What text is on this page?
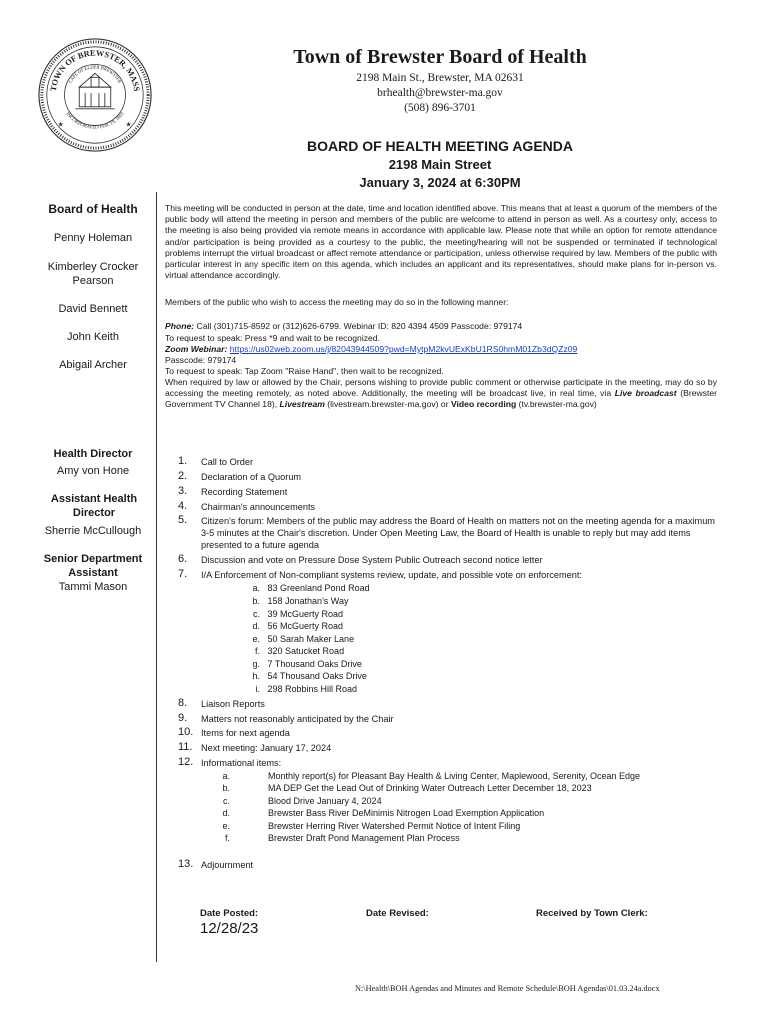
TOWN OF BREWSTER, MASS
CAPE OF ELDER BREWSTER
INCORPORATED FEB. 19, 1803
★	★
Town of Brewster Board of Health
2198 Main St., Brewster, MA 02631
brhealth@brewster-ma.gov
(508) 896-3701
BOARD OF HEALTH MEETING AGENDA
2198 Main Street
January 3, 2024 at 6:30PM
Board of Health
Penny Holeman
Kimberley Crocker Pearson
David Bennett
John Keith
Abigail Archer
Health Director
Amy von Hone
Assistant Health Director
Sherrie McCullough
Senior Department Assistant
Tammi Mason
This meeting will be conducted in person at the date, time and location identified above. This means that at least a quorum of the members of the public body will attend the meeting in person and members of the public are welcome to attend in person as well. As a courtesy only, access to the meeting is also being provided via remote means in accordance with applicable law. Please note that while an option for remote attendance and/or participation is being provided as a courtesy to the public, the meeting/hearing will not be suspended or terminated if technological problems interrupt the virtual broadcast or affect remote attendance or participation, unless otherwise required by law. Members of the public with particular interest in any specific item on this agenda, which includes an applicant and its representatives, should make plans for in-person vs. virtual attendance accordingly.
Members of the public who wish to access the meeting may do so in the following manner:
Phone: Call (301)715-8592 or (312)626-6799. Webinar ID: 820 4394 4509 Passcode: 979174
To request to speak: Press *9 and wait to be recognized.
Zoom Webinar: https://us02web.zoom.us/j/82043944509?pwd=MytpM2kvUExKbU1RS0hmM01Zb3dQZz09
Passcode: 979174
To request to speak: Tap Zoom "Raise Hand", then wait to be recognized.
When required by law or allowed by the Chair, persons wishing to provide public comment or otherwise participate in the meeting, may do so by accessing the meeting remotely, as noted above. Additionally, the meeting will be broadcast live, in real time, via Live broadcast (Brewster Government TV Channel 18), Livestream (livestream.brewster-ma.gov) or Video recording (tv.brewster-ma.gov)
1. Call to Order
2. Declaration of a Quorum
3. Recording Statement
4. Chairman's announcements
5. Citizen's forum: Members of the public may address the Board of Health on matters not on the meeting agenda for a maximum 3-5 minutes at the Chair's discretion. Under Open Meeting Law, the Board of Health is unable to reply but may add items presented to a future agenda
6. Discussion and vote on Pressure Dose System Public Outreach second notice letter
7. I/A Enforcement of Non-compliant systems review, update, and possible vote on enforcement:
a. 83 Greenland Pond Road
b. 158 Jonathan's Way
c. 39 McGuerty Road
d. 56 McGuerty Road
e. 50 Sarah Maker Lane
f. 320 Satucket Road
g. 7 Thousand Oaks Drive
h. 54 Thousand Oaks Drive
i. 298 Robbins Hill Road
8. Liaison Reports
9. Matters not reasonably anticipated by the Chair
10. Items for next agenda
11. Next meeting: January 17, 2024
12. Informational items:
a.	Monthly report(s) for Pleasant Bay Health & Living Center, Maplewood, Serenity, Ocean Edge
b.	MA DEP Get the Lead Out of Drinking Water Outreach Letter December 18, 2023
c.	Blood Drive January 4, 2024
d.	Brewster Bass River DeMinimis Nitrogen Load Exemption Application
e.	Brewster Herring River Watershed Permit Notice of Intent Filing
f.	Brewster Draft Pond Management Plan Process
13. Adjournment
Date Posted:
12/28/23
Date Revised:	Received by Town Clerk:
N:\Health\BOH Agendas and Minutes and Remote Schedule\BOH Agendas\01.03.24a.docx
